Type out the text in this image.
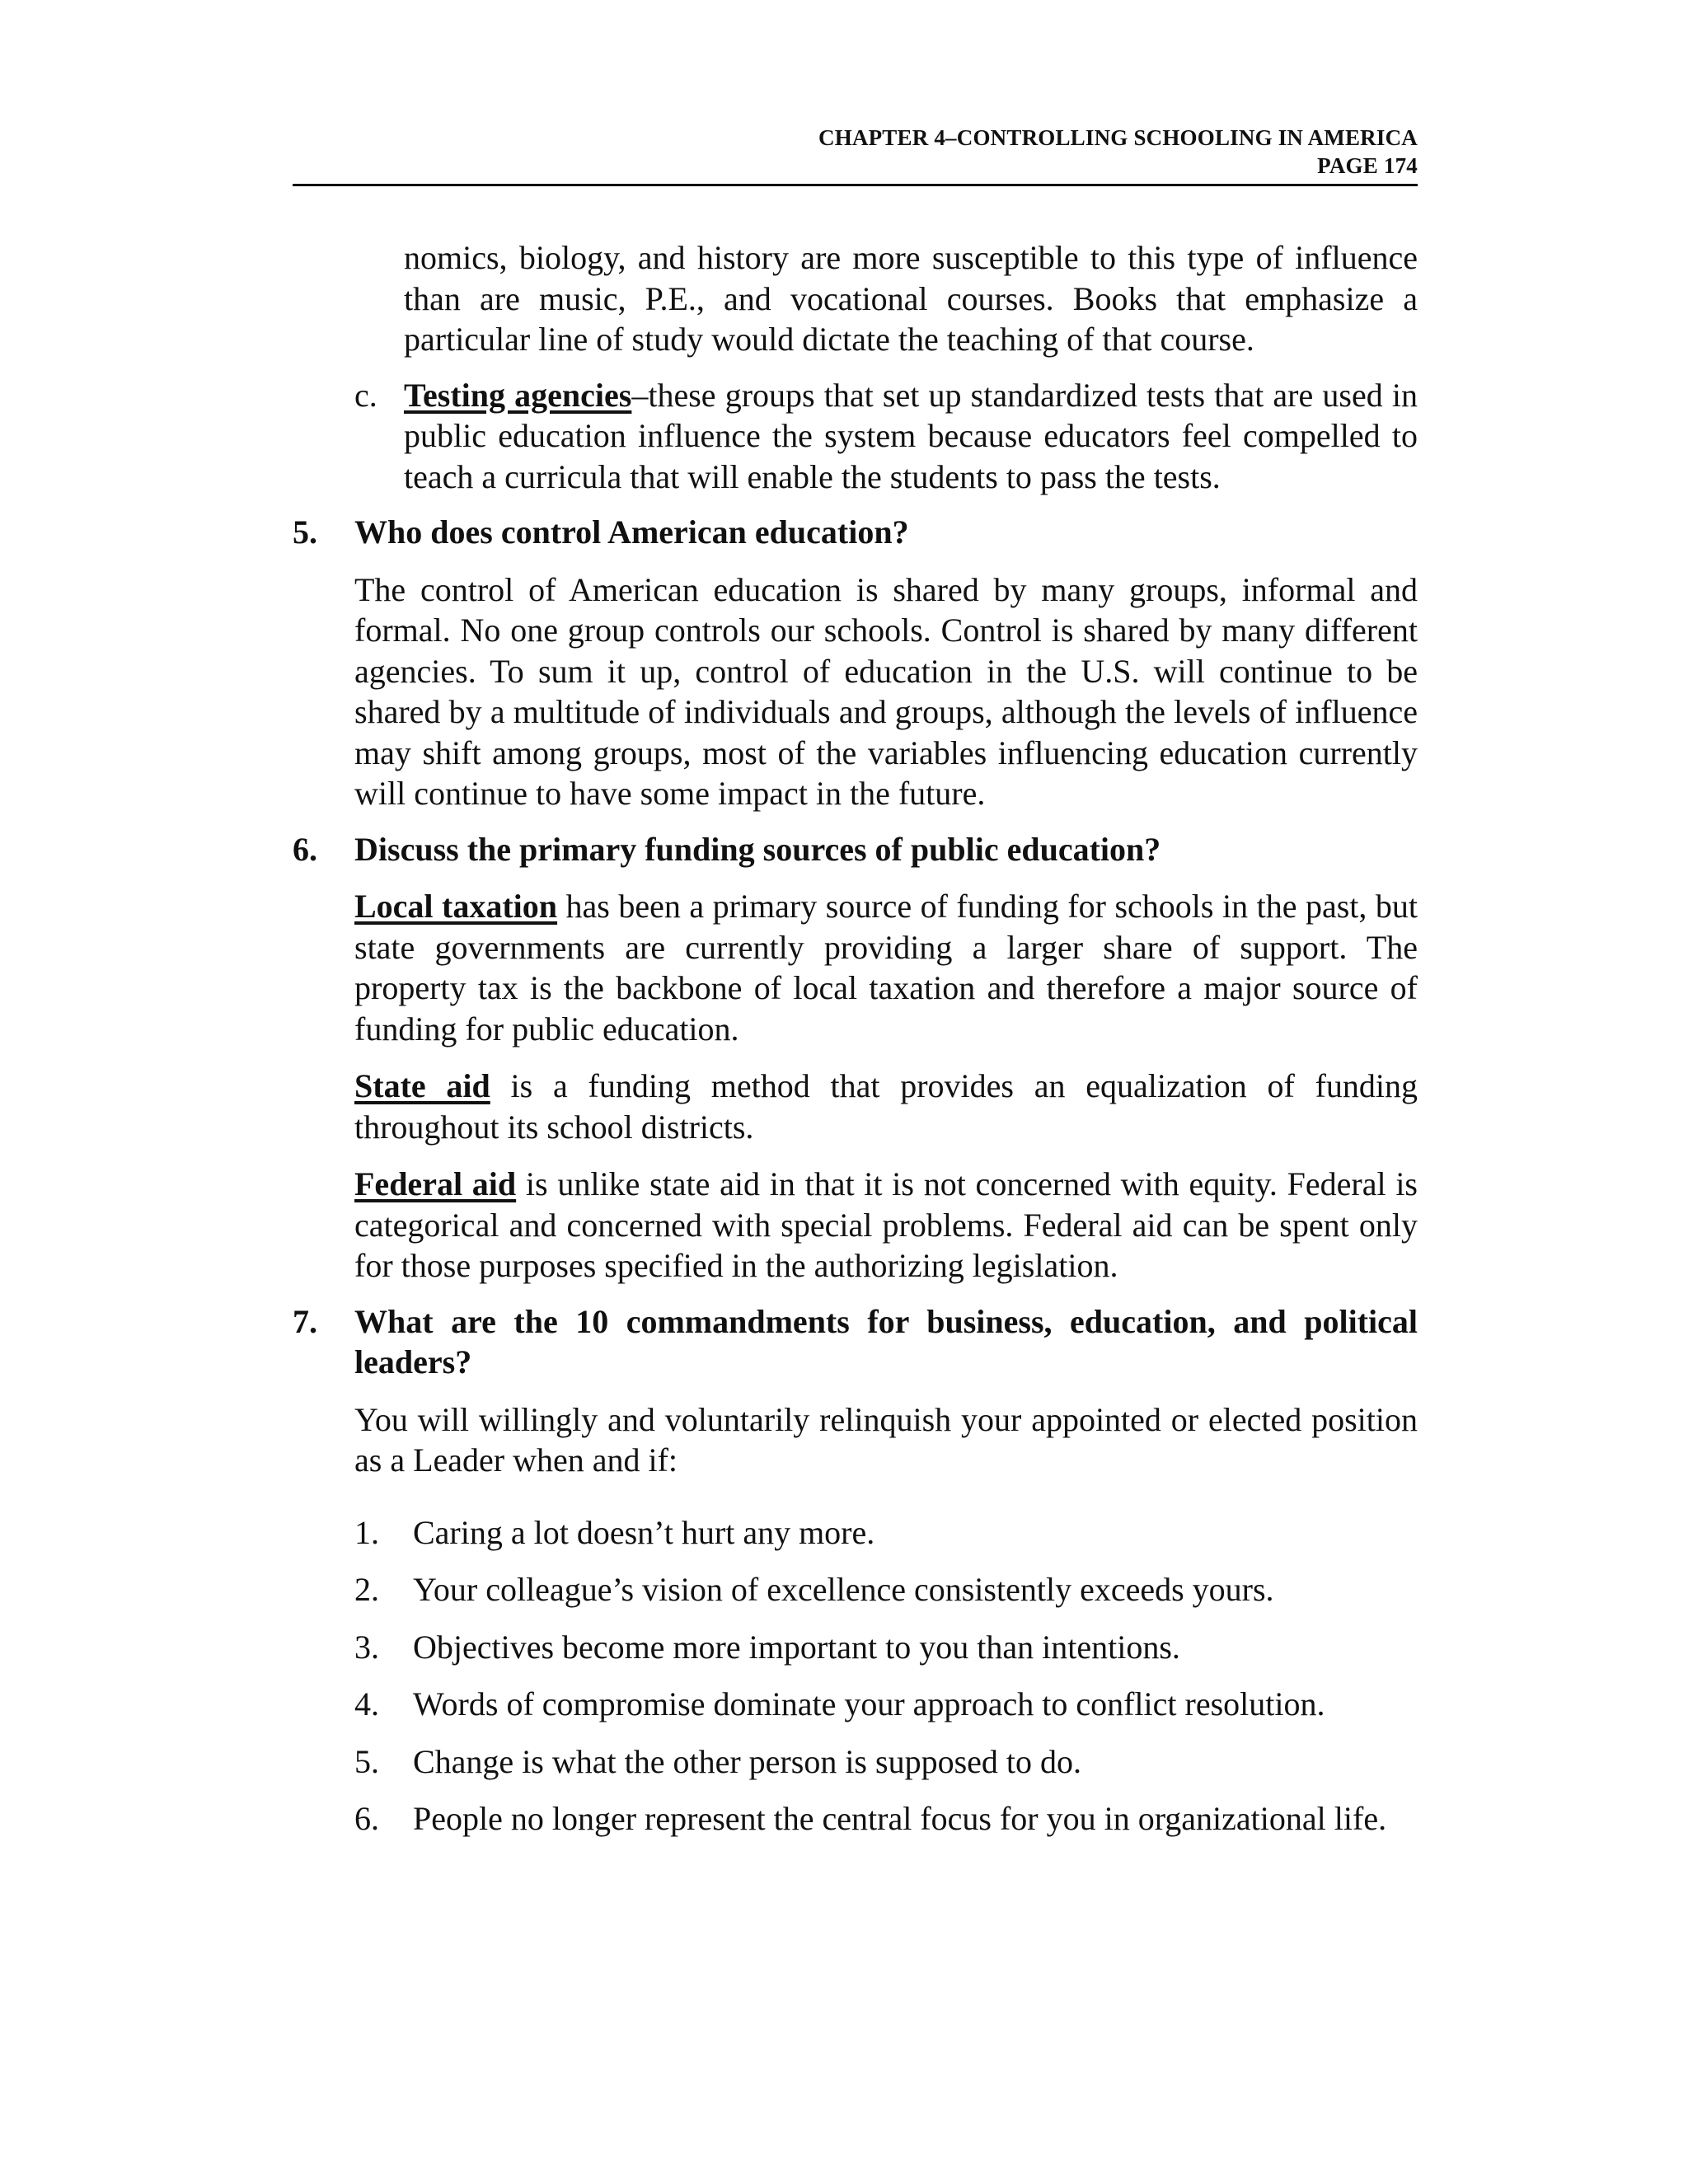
CHAPTER 4–CONTROLLING SCHOOLING IN AMERICA
PAGE 174

nomics, biology, and history are more susceptible to this type of influence than are music, P.E., and vocational courses. Books that emphasize a particular line of study would dictate the teaching of that course.

c. Testing agencies–these groups that set up standardized tests that are used in public education influence the system because educators feel compelled to teach a curricula that will enable the students to pass the tests.

5.	Who does control American education?

The control of American education is shared by many groups, informal and formal. No one group controls our schools. Control is shared by many different agencies. To sum it up, control of education in the U.S. will continue to be shared by a multitude of individuals and groups, although the levels of influence may shift among groups, most of the variables influencing education currently will continue to have some impact in the future.

6.	Discuss the primary funding sources of public education?

Local taxation has been a primary source of funding for schools in the past, but state governments are currently providing a larger share of support. The property tax is the backbone of local taxation and therefore a major source of funding for public education.

State aid is a funding method that provides an equalization of funding throughout its school districts.

Federal aid is unlike state aid in that it is not concerned with equity. Federal is categorical and concerned with special problems. Federal aid can be spent only for those purposes specified in the authorizing legislation.

7.	What are the 10 commandments for business, education, and political leaders?

You will willingly and voluntarily relinquish your appointed or elected position as a Leader when and if:

1.	Caring a lot doesn’t hurt any more.
2.	Your colleague’s vision of excellence consistently exceeds yours.
3.	Objectives become more important to you than intentions.
4.	Words of compromise dominate your approach to conflict resolution.
5.	Change is what the other person is supposed to do.
6.	People no longer represent the central focus for you in organizational life.
